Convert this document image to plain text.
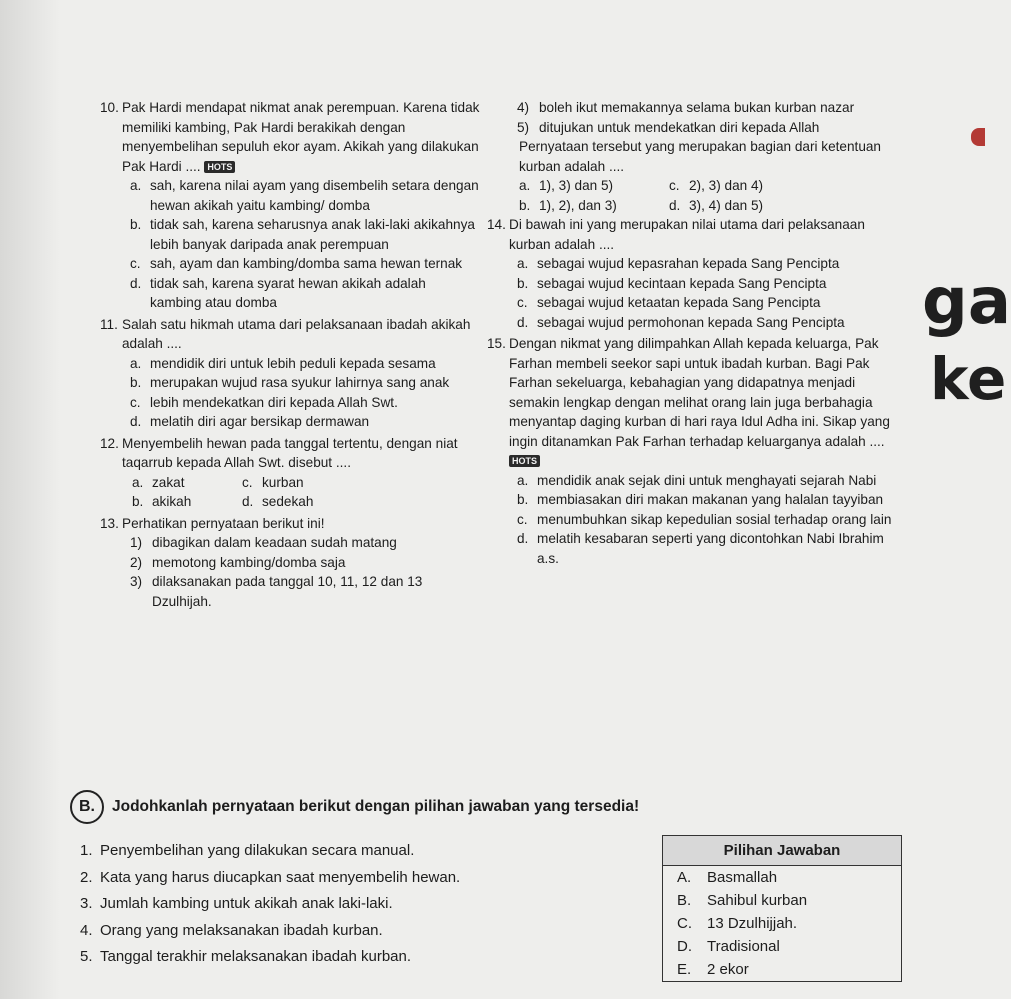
10. Pak Hardi mendapat nikmat anak perempuan. Karena tidak memiliki kambing, Pak Hardi berakikah dengan menyembelihan sepuluh ekor ayam. Akikah yang dilakukan Pak Hardi .... HOTS
a. sah, karena nilai ayam yang disembelih setara dengan hewan akikah yaitu kambing/ domba
b. tidak sah, karena seharusnya anak laki-laki akikahnya lebih banyak daripada anak perempuan
c. sah, ayam dan kambing/domba sama hewan ternak
d. tidak sah, karena syarat hewan akikah adalah kambing atau domba
11. Salah satu hikmah utama dari pelaksanaan ibadah akikah adalah ....
a. mendidik diri untuk lebih peduli kepada sesama
b. merupakan wujud rasa syukur lahirnya sang anak
c. lebih mendekatkan diri kepada Allah Swt.
d. melatih diri agar bersikap dermawan
12. Menyembelih hewan pada tanggal tertentu, dengan niat taqarrub kepada Allah Swt. disebut ....
a. zakat	c. kurban
b. akikah	d. sedekah
13. Perhatikan pernyataan berikut ini!
1) dibagikan dalam keadaan sudah matang
2) memotong kambing/domba saja
3) dilaksanakan pada tanggal 10, 11, 12 dan 13 Dzulhijah.
4) boleh ikut memakannya selama bukan kurban nazar
5) ditujukan untuk mendekatkan diri kepada Allah
Pernyataan tersebut yang merupakan bagian dari ketentuan kurban adalah ....
a. 1), 3) dan 5)	c. 2), 3) dan 4)
b. 1), 2), dan 3)	d. 3), 4) dan 5)
14. Di bawah ini yang merupakan nilai utama dari pelaksanaan kurban adalah ....
a. sebagai wujud kepasrahan kepada Sang Pencipta
b. sebagai wujud kecintaan kepada Sang Pencipta
c. sebagai wujud ketaatan kepada Sang Pencipta
d. sebagai wujud permohonan kepada Sang Pencipta
15. Dengan nikmat yang dilimpahkan Allah kepada keluarga, Pak Farhan membeli seekor sapi untuk ibadah kurban. Bagi Pak Farhan sekeluarga, kebahagian yang didapatnya menjadi semakin lengkap dengan melihat orang lain juga berbahagia menyantap daging kurban di hari raya Idul Adha ini. Sikap yang ingin ditanamkan Pak Farhan terhadap keluarganya adalah .... HOTS
a. mendidik anak sejak dini untuk menghayati sejarah Nabi
b. membiasakan diri makan makanan yang halalan tayyiban
c. menumbuhkan sikap kepedulian sosial terhadap orang lain
d. melatih kesabaran seperti yang dicontohkan Nabi Ibrahim a.s.
ga
ke
B.	Jodohkanlah pernyataan berikut dengan pilihan jawaban yang tersedia!
1. Penyembelihan yang dilakukan secara manual.
2. Kata yang harus diucapkan saat menyembelih hewan.
3. Jumlah kambing untuk akikah anak laki-laki.
4. Orang yang melaksanakan ibadah kurban.
5. Tanggal terakhir melaksanakan ibadah kurban.
Pilihan Jawaban
A.	Basmallah
B.	Sahibul kurban
C.	13 Dzulhijjah.
D.	Tradisional
E.	2 ekor
